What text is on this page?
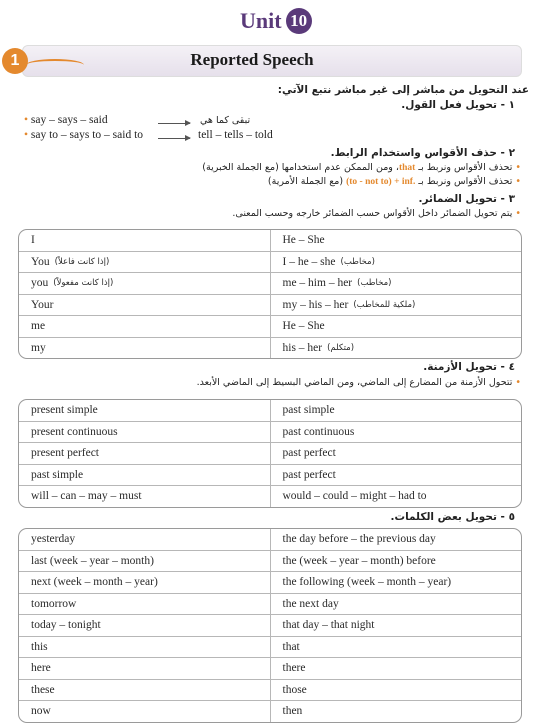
Unit 10
1	Reported Speech
عند التحويل من مباشر إلى غير مباشر نتبع الآتي:
١ - تحويل فعل القول.
• say – says – said	تبقى كما هي
• say to – says to – said to	tell – tells – told
٢ - حذف الأقواس واستخدام الرابط.
• تحذف الأقواس ونربط بـ that، ومن الممكن عدم استخدامها (مع الجملة الخبرية)
• تحذف الأقواس ونربط بـ (to - not to) + inf. (مع الجملة الأمرية)
٣ - تحويل الضمائر.
• يتم تحويل الضمائر داخل الأقواس حسب الضمائر خارجه وحسب المعنى.
I	He – She
You (إذا كانت فاعلاً)	I – he – she (مخاطب)
you (إذا كانت مفعولاً)	me – him – her (مخاطب)
Your	my – his – her (ملكية للمخاطب)
me	He – She
my	his – her (متكلم)
٤ - تحويل الأزمنة.
• تتحول الأزمنة من المضارع إلى الماضي، ومن الماضي البسيط إلى الماضي الأبعد.
present simple	past simple
present continuous	past continuous
present perfect	past perfect
past simple	past perfect
will – can – may – must	would – could – might – had to
٥ - تحويل بعض الكلمات.
yesterday	the day before – the previous day
last (week – year – month)	the (week – year – month) before
next (week – month – year)	the following (week – month – year)
tomorrow	the next day
today – tonight	that day – that night
this	that
here	there
these	those
now	then
